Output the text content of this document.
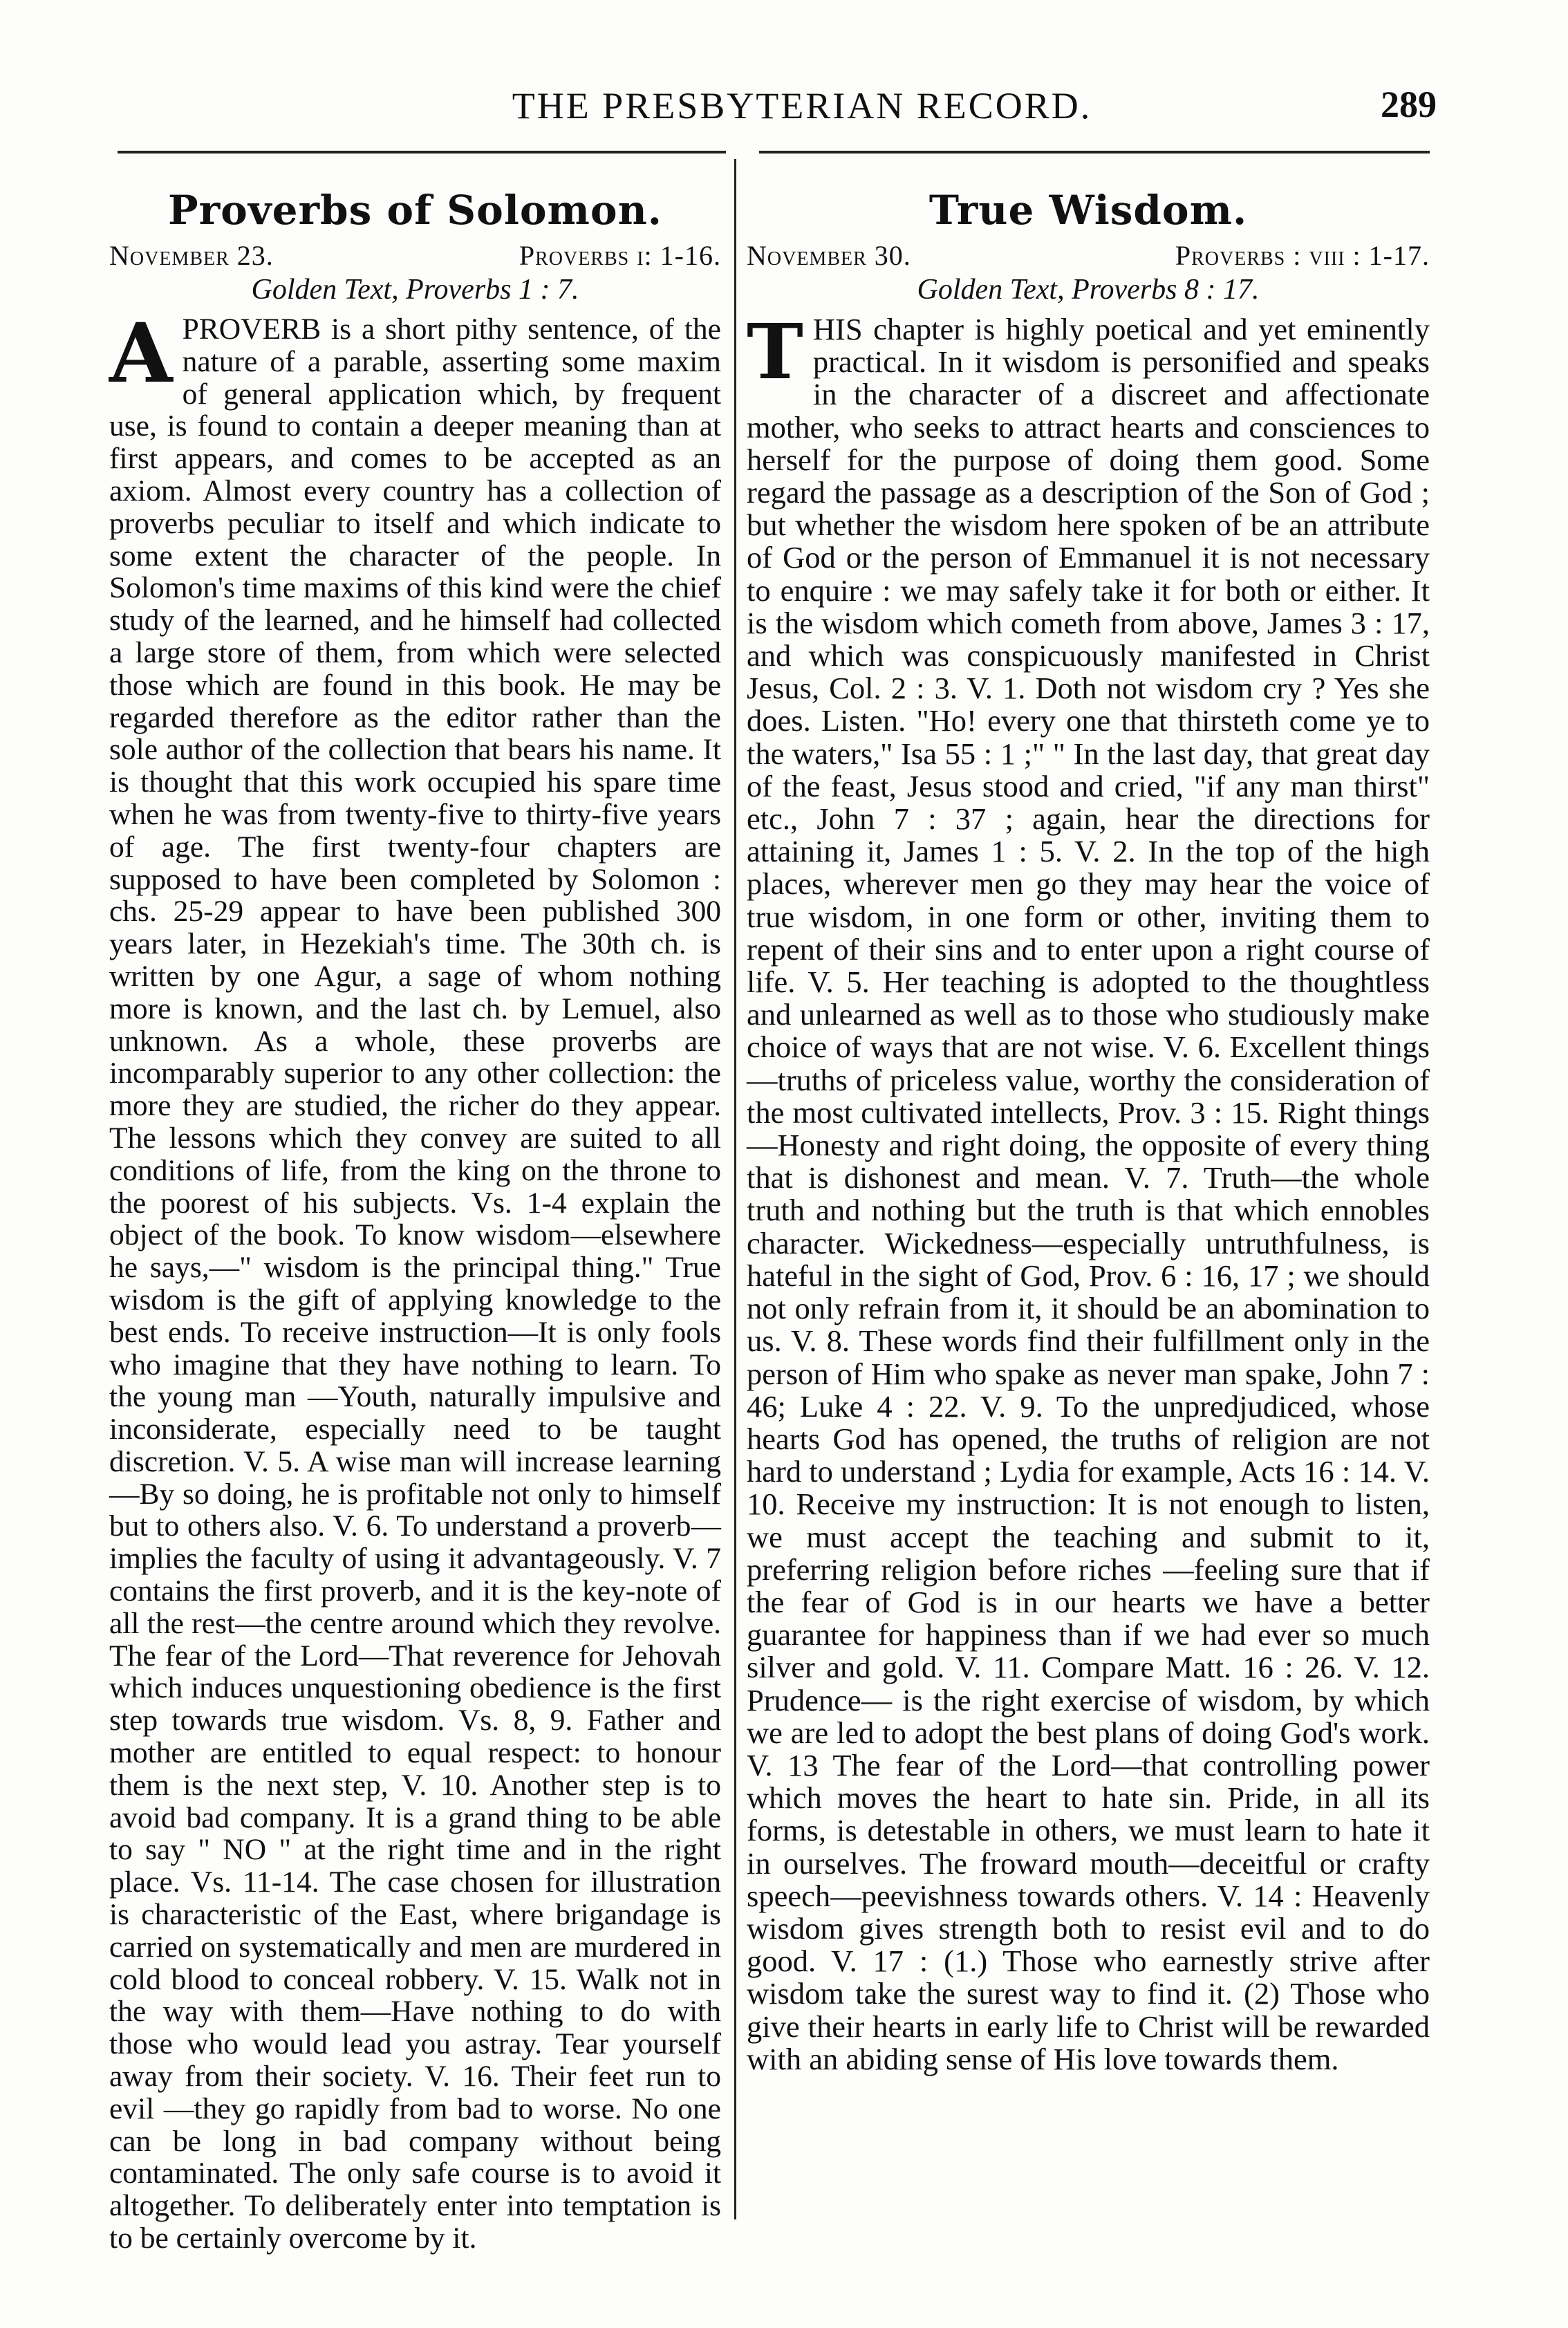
THE PRESBYTERIAN RECORD.	289
Proverbs of Solomon.
November 23.	Proverbs i: 1-16.
Golden Text, Proverbs 1 : 7.

A PROVERB is a short pithy sentence, of the nature of a parable, asserting some maxim of general application which, by frequent use, is found to contain a deeper meaning than at first appears, and comes to be accepted as an axiom. Almost every country has a collection of proverbs peculiar to itself and which indicate to some extent the character of the people. In Solomon's time maxims of this kind were the chief study of the learned, and he himself had collected a large store of them, from which were selected those which are found in this book. He may be regarded therefore as the editor rather than the sole author of the collection that bears his name. It is thought that this work occupied his spare time when he was from twenty-five to thirty-five years of age. The first twenty-four chapters are supposed to have been completed by Solomon : chs. 25-29 appear to have been published 300 years later, in Hezekiah's time. The 30th ch. is written by one Agur, a sage of whom nothing more is known, and the last ch. by Lemuel, also unknown. As a whole, these proverbs are incomparably superior to any other collection: the more they are studied, the richer do they appear. The lessons which they convey are suited to all conditions of life, from the king on the throne to the poorest of his subjects. Vs. 1-4 explain the object of the book. To know wisdom—elsewhere he says,—" wisdom is the principal thing." True wisdom is the gift of applying knowledge to the best ends. To receive instruction—It is only fools who imagine that they have nothing to learn. To the young man —Youth, naturally impulsive and inconsiderate, especially need to be taught discretion. V. 5. A wise man will increase learning—By so doing, he is profitable not only to himself but to others also. V. 6. To understand a proverb—implies the faculty of using it advantageously. V. 7 contains the first proverb, and it is the key-note of all the rest—the centre around which they revolve. The fear of the Lord—That reverence for Jehovah which induces unquestioning obedience is the first step towards true wisdom. Vs. 8, 9. Father and mother are entitled to equal respect: to honour them is the next step, V. 10. Another step is to avoid bad company. It is a grand thing to be able to say " NO " at the right time and in the right place. Vs. 11-14. The case chosen for illustration is characteristic of the East, where brigandage is carried on systematically and men are murdered in cold blood to conceal robbery. V. 15. Walk not in the way with them—Have nothing to do with those who would lead you astray. Tear yourself away from their society. V. 16. Their feet run to evil —they go rapidly from bad to worse. No one can be long in bad company without being contaminated. The only safe course is to avoid it altogether. To deliberately enter into temptation is to be certainly overcome by it.

True Wisdom.
November 30.	Proverbs : viii : 1-17.
Golden Text, Proverbs 8 : 17.

THIS chapter is highly poetical and yet eminently practical. In it wisdom is personified and speaks in the character of a discreet and affectionate mother, who seeks to attract hearts and consciences to herself for the purpose of doing them good. Some regard the passage as a description of the Son of God ; but whether the wisdom here spoken of be an attribute of God or the person of Emmanuel it is not necessary to enquire : we may safely take it for both or either. It is the wisdom which cometh from above, James 3 : 17, and which was conspicuously manifested in Christ Jesus, Col. 2 : 3. V. 1. Doth not wisdom cry ? Yes she does. Listen. "Ho! every one that thirsteth come ye to the waters," Isa 55 : 1 ;" " In the last day, that great day of the feast, Jesus stood and cried, "if any man thirst" etc., John 7 : 37 ; again, hear the directions for attaining it, James 1 : 5. V. 2. In the top of the high places, wherever men go they may hear the voice of true wisdom, in one form or other, inviting them to repent of their sins and to enter upon a right course of life. V. 5. Her teaching is adopted to the thoughtless and unlearned as well as to those who studiously make choice of ways that are not wise. V. 6. Excellent things—truths of priceless value, worthy the consideration of the most cultivated intellects, Prov. 3 : 15. Right things—Honesty and right doing, the opposite of every thing that is dishonest and mean. V. 7. Truth—the whole truth and nothing but the truth is that which ennobles character. Wickedness—especially untruthfulness, is hateful in the sight of God, Prov. 6 : 16, 17 ; we should not only refrain from it, it should be an abomination to us. V. 8. These words find their fulfillment only in the person of Him who spake as never man spake, John 7 : 46; Luke 4 : 22. V. 9. To the unpredjudiced, whose hearts God has opened, the truths of religion are not hard to understand ; Lydia for example, Acts 16 : 14. V. 10. Receive my instruction: It is not enough to listen, we must accept the teaching and submit to it, preferring religion before riches —feeling sure that if the fear of God is in our hearts we have a better guarantee for happiness than if we had ever so much silver and gold. V. 11. Compare Matt. 16 : 26. V. 12. Prudence— is the right exercise of wisdom, by which we are led to adopt the best plans of doing God's work. V. 13 The fear of the Lord—that controlling power which moves the heart to hate sin. Pride, in all its forms, is detestable in others, we must learn to hate it in ourselves. The froward mouth—deceitful or crafty speech—peevishness towards others. V. 14 : Heavenly wisdom gives strength both to resist evil and to do good. V. 17 : (1.) Those who earnestly strive after wisdom take the surest way to find it. (2) Those who give their hearts in early life to Christ will be rewarded with an abiding sense of His love towards them.
